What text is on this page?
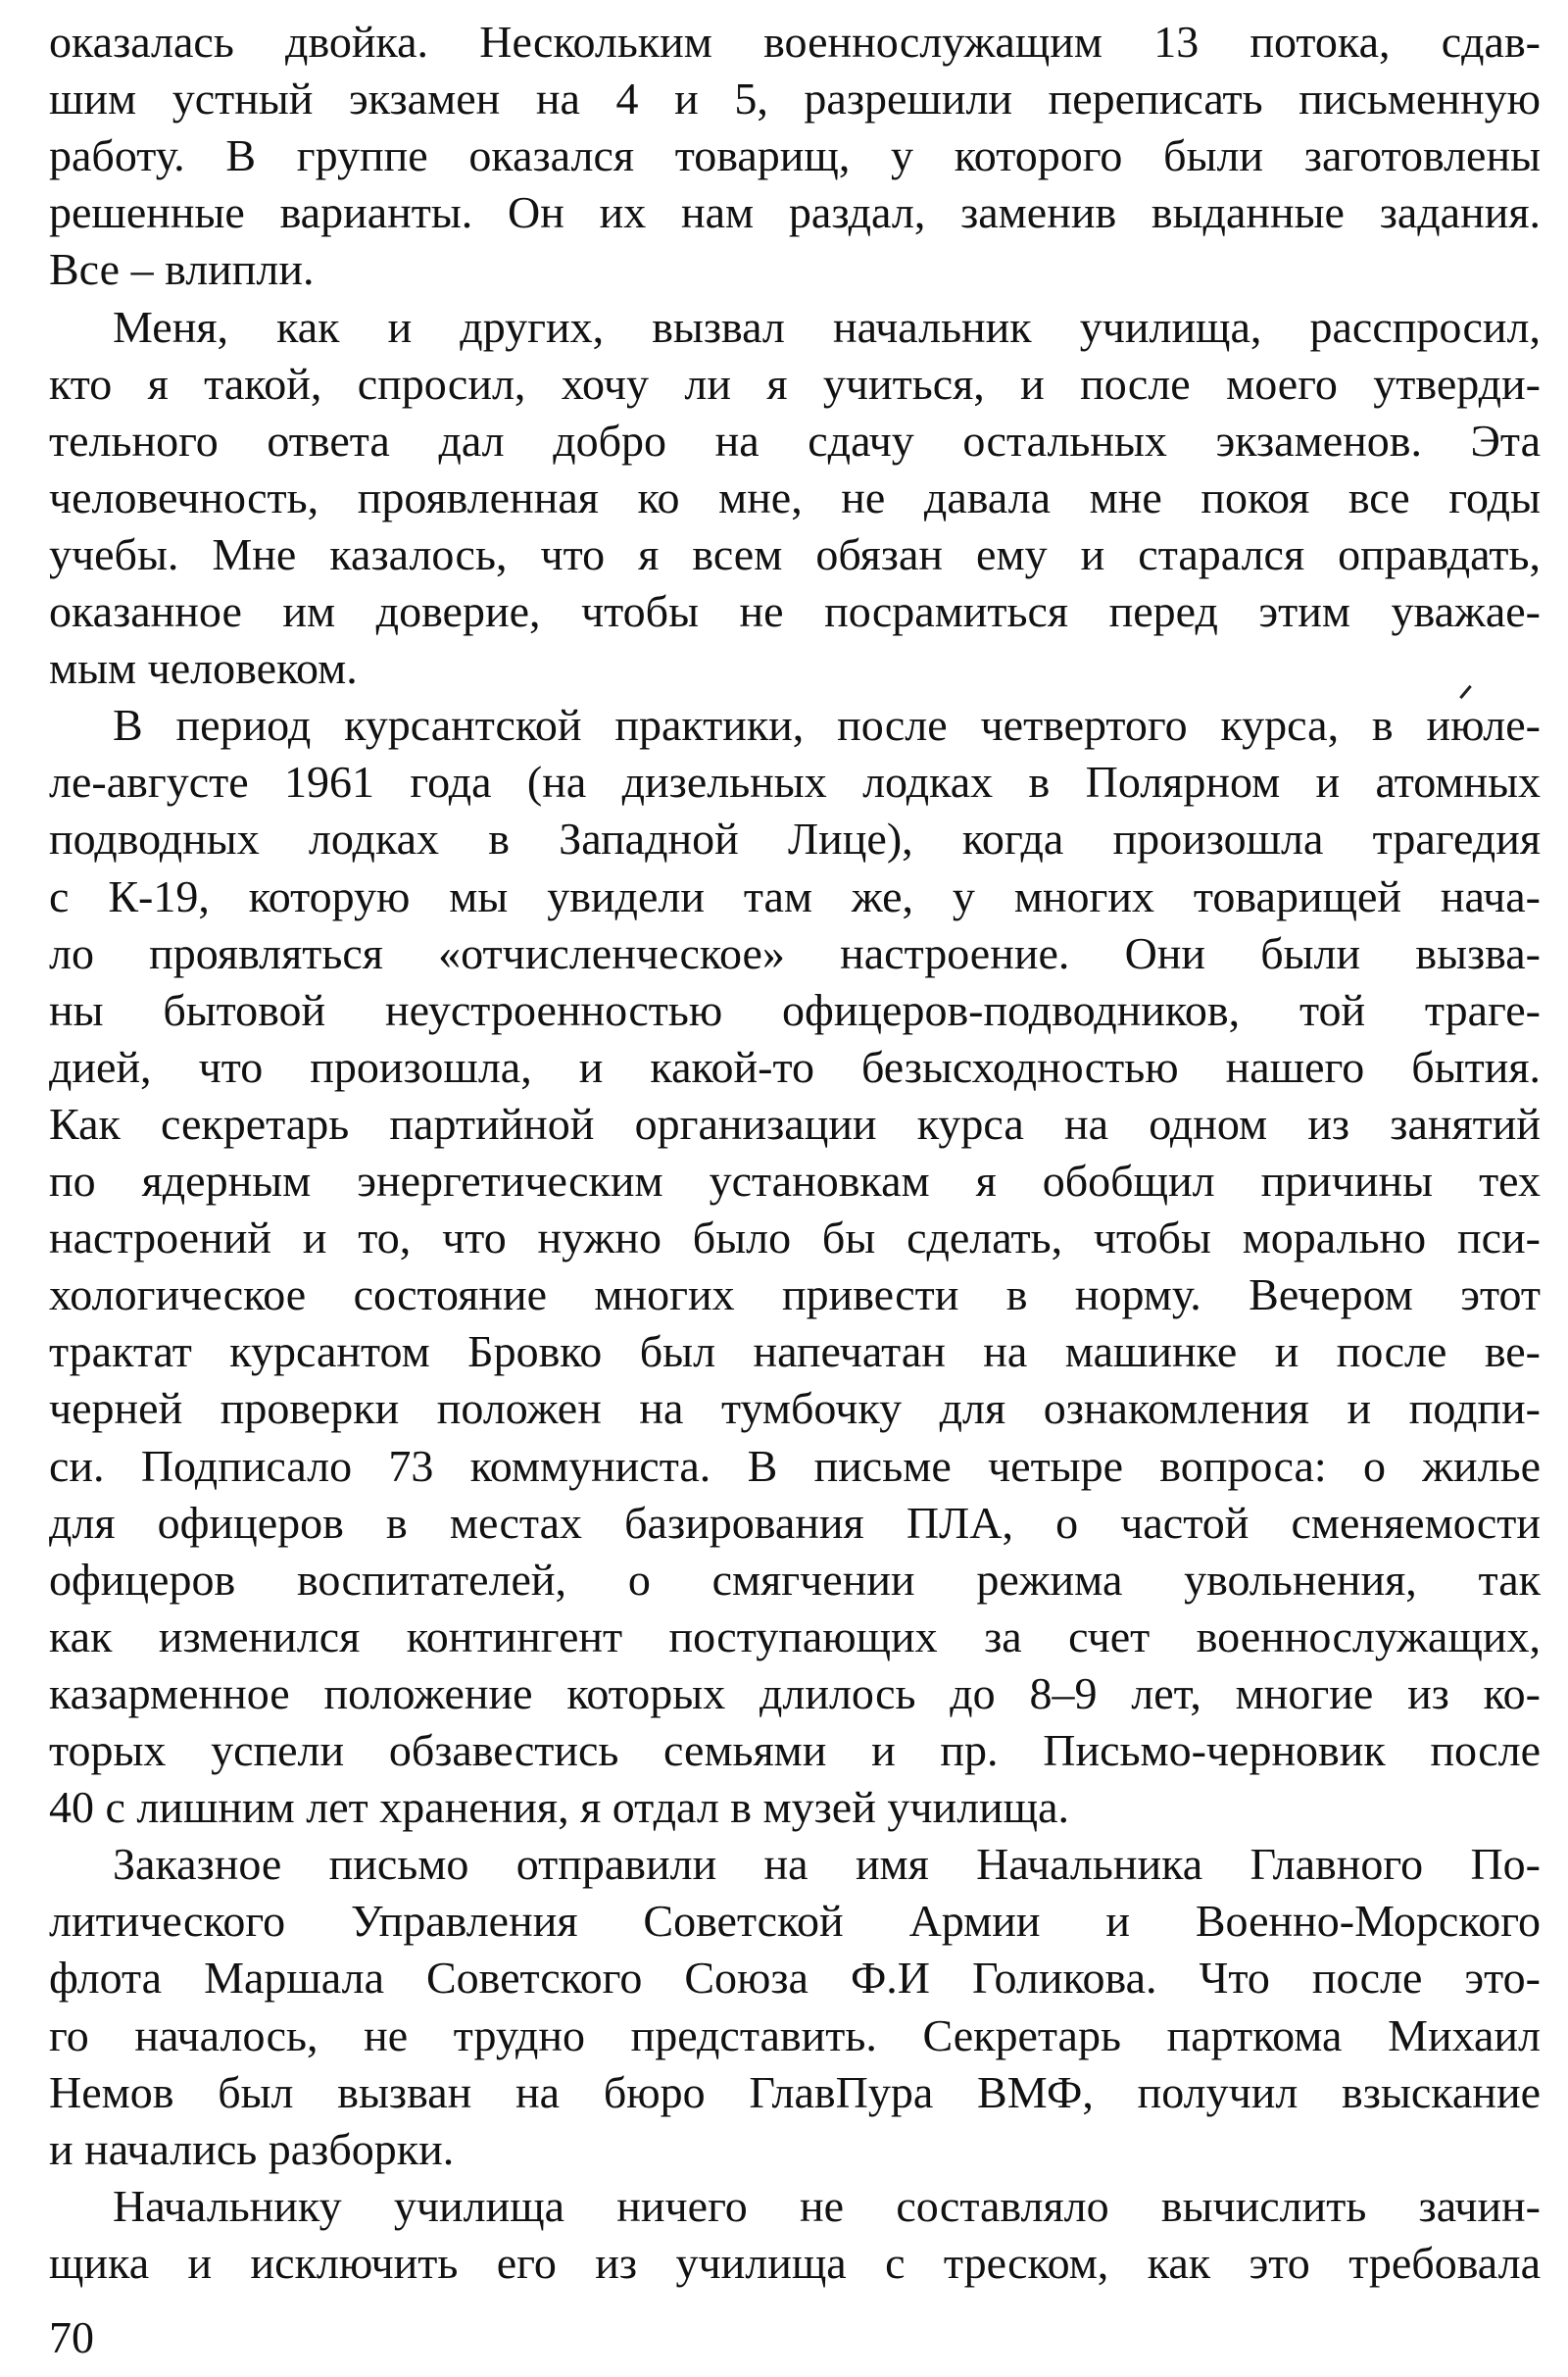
оказалась двойка. Нескольким военнослужащим 13 потока, сдав-
шим устный экзамен на 4 и 5, разрешили переписать письменную
работу. В группе оказался товарищ, у которого были заготовлены
решенные варианты. Он их нам раздал, заменив выданные задания.
Все – влипли.
Меня, как и других, вызвал начальник училища, расспросил,
кто я такой, спросил, хочу ли я учиться, и после моего утверди-
тельного ответа дал добро на сдачу остальных экзаменов. Эта
человечность, проявленная ко мне, не давала мне покоя все годы
учебы. Мне казалось, что я всем обязан ему и старался оправдать,
оказанное им доверие, чтобы не посрамиться перед этим уважае-
мым человеком.
В период курсантской практики, после четвертого курса, в июле-
ле-августе 1961 года (на дизельных лодках в Полярном и атомных
подводных лодках в Западной Лице), когда произошла трагедия
с К-19, которую мы увидели там же, у многих товарищей нача-
ло проявляться «отчисленческое» настроение. Они были вызва-
ны бытовой неустроенностью офицеров-подводников, той траге-
дией, что произошла, и какой-то безысходностью нашего бытия.
Как секретарь партийной организации курса на одном из занятий
по ядерным энергетическим установкам я обобщил причины тех
настроений и то, что нужно было бы сделать, чтобы морально пси-
хологическое состояние многих привести в норму. Вечером этот
трактат курсантом Бровко был напечатан на машинке и после ве-
черней проверки положен на тумбочку для ознакомления и подпи-
си. Подписало 73 коммуниста. В письме четыре вопроса: о жилье
для офицеров в местах базирования ПЛА, о частой сменяемости
офицеров воспитателей, о смягчении режима увольнения, так
как изменился контингент поступающих за счет военнослужащих,
казарменное положение которых длилось до 8–9 лет, многие из ко-
торых успели обзавестись семьями и пр. Письмо-черновик после
40 с лишним лет хранения, я отдал в музей училища.
Заказное письмо отправили на имя Начальника Главного По-
литического Управления Советской Армии и Военно-Морского
флота Маршала Советского Союза Ф.И Голикова. Что после это-
го началось, не трудно представить. Секретарь парткома Михаил
Немов был вызван на бюро ГлавПура ВМФ, получил взыскание
и начались разборки.
Начальнику училища ничего не составляло вычислить зачин-
щика и исключить его из училища с треском, как это требовала
70
